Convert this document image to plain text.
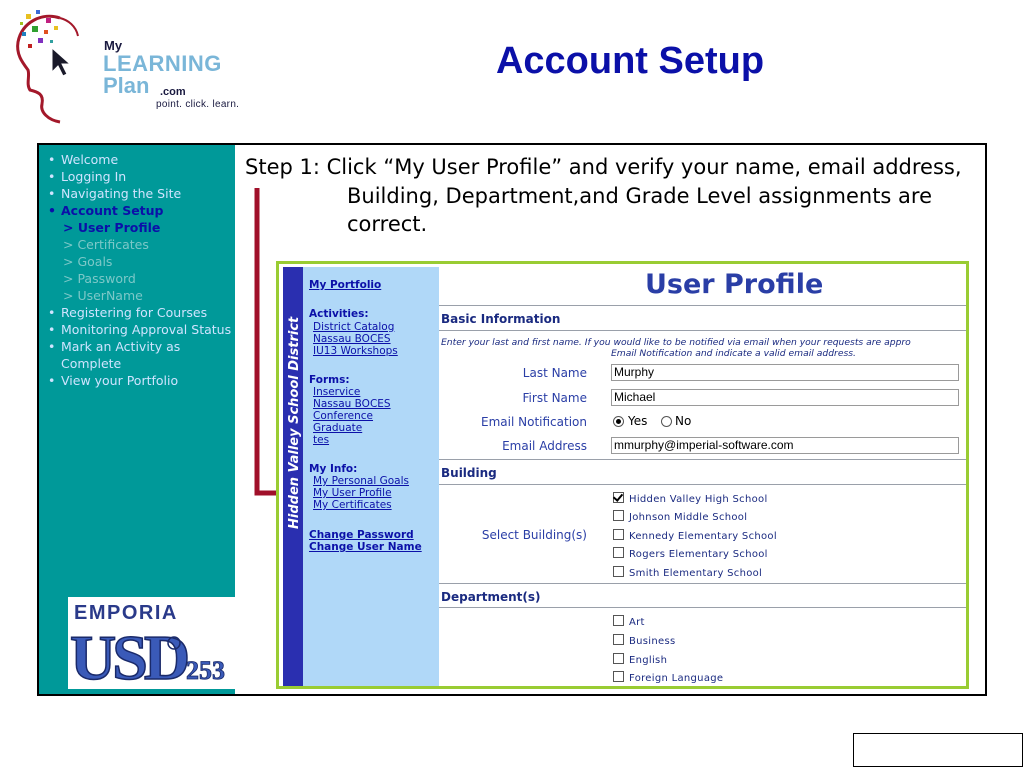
My
LEARNING
Plan .com
point. click. learn.
Account Setup
• Welcome
• Logging In
• Navigating the Site
• Account Setup
> User Profile
> Certificates
> Goals
> Password
> UserName
• Registering for Courses
• Monitoring Approval Status
• Mark an Activity as Complete
• View your Portfolio
EMPORIA
USD 253
Step 1: Click “My User Profile” and verify your name, email address, Building, Department,and Grade Level assignments are correct.
Hidden Valley School District
My Portfolio
Activities:
District Catalog
Nassau BOCES
IU13 Workshops
Forms:
Inservice
Nassau BOCES
Conference
Graduate
tes
My Info:
My Personal Goals
My User Profile
My Certificates
Change Password
Change User Name
User Profile
Basic Information
Enter your last and first name. If you would like to be notified via email when your requests are appro
Email Notification and indicate a valid email address.
Last Name Murphy
First Name Michael
Email Notification	Yes No
Email Address mmurphy@imperial-software.com
Building
Select Building(s)
Hidden Valley High School
Johnson Middle School
Kennedy Elementary School
Rogers Elementary School
Smith Elementary School
Department(s)
Art
Business
English
Foreign Language
